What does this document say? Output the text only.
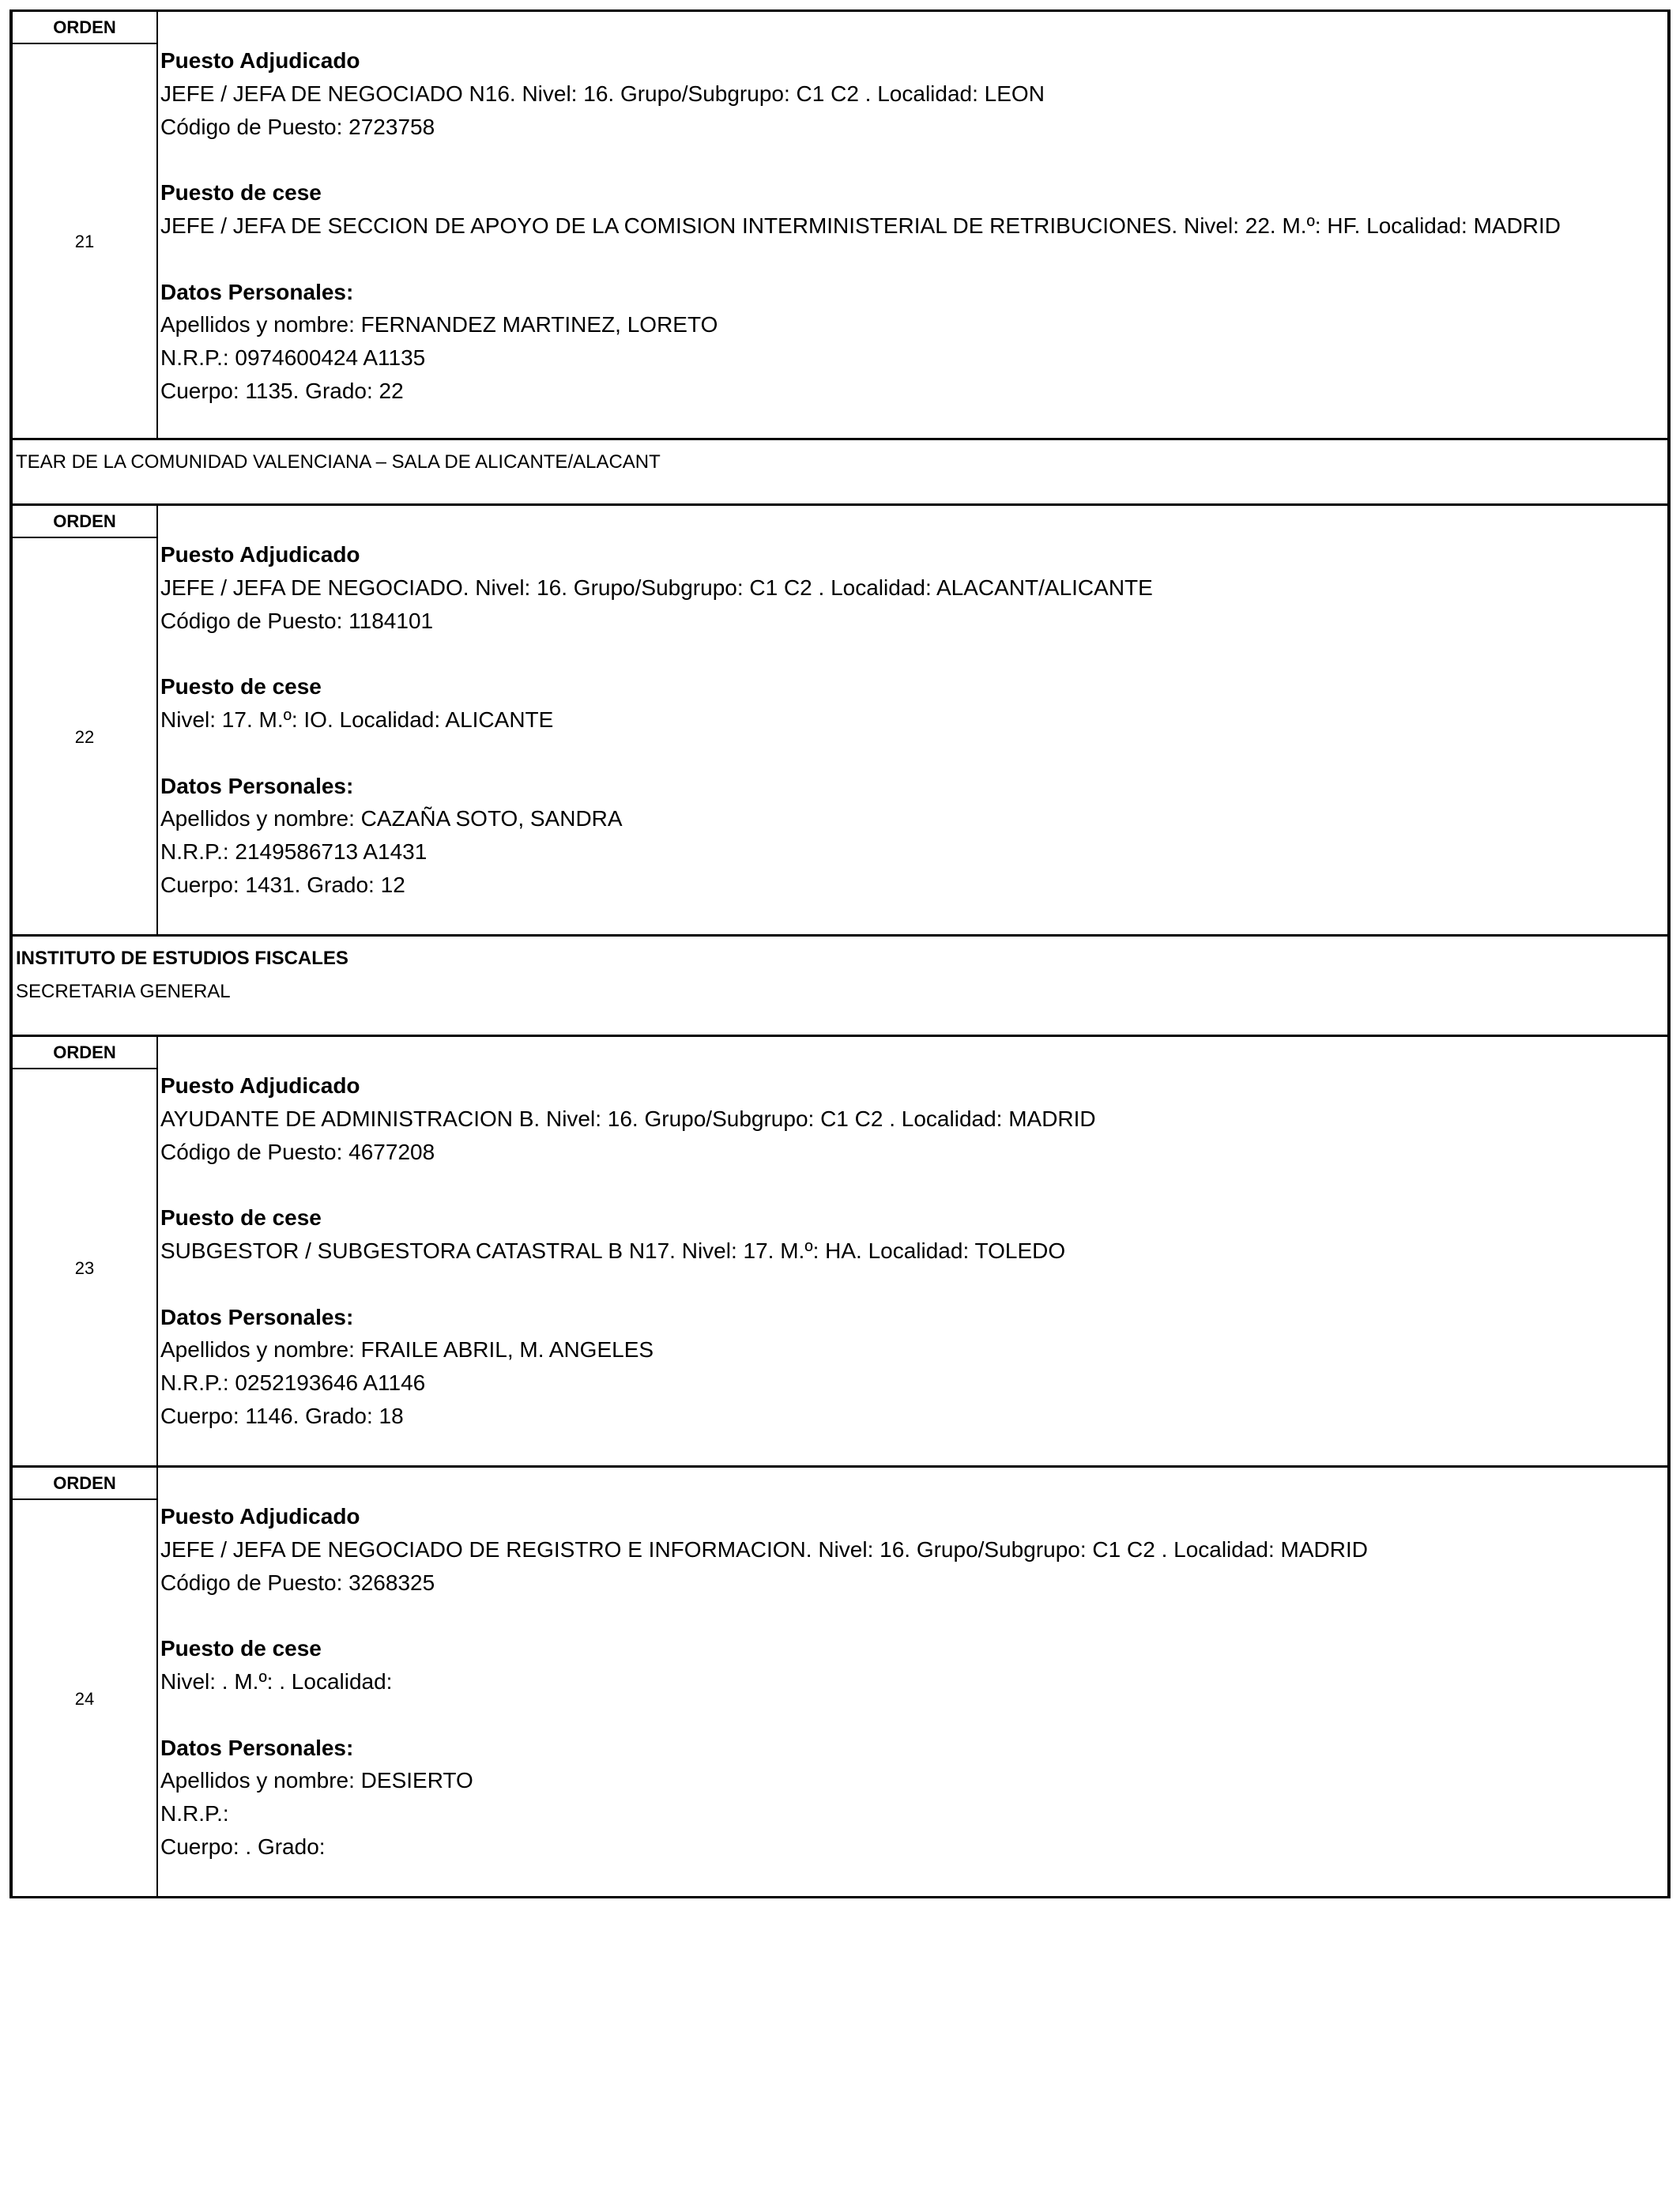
ORDEN
21
Puesto Adjudicado
JEFE / JEFA DE NEGOCIADO N16. Nivel: 16. Grupo/Subgrupo: C1 C2 . Localidad: LEON
Código de Puesto: 2723758
Puesto de cese
JEFE / JEFA DE SECCION DE APOYO DE LA COMISION INTERMINISTERIAL DE RETRIBUCIONES. Nivel: 22. M.º: HF. Localidad: MADRID
Datos Personales:
Apellidos y nombre: FERNANDEZ MARTINEZ, LORETO
N.R.P.: 0974600424 A1135
Cuerpo: 1135. Grado: 22
TEAR DE LA COMUNIDAD VALENCIANA – SALA DE ALICANTE/ALACANT
ORDEN
22
Puesto Adjudicado
JEFE / JEFA DE NEGOCIADO. Nivel: 16. Grupo/Subgrupo: C1 C2 . Localidad: ALACANT/ALICANTE
Código de Puesto: 1184101
Puesto de cese
Nivel: 17. M.º: IO. Localidad: ALICANTE
Datos Personales:
Apellidos y nombre: CAZAÑA SOTO, SANDRA
N.R.P.: 2149586713 A1431
Cuerpo: 1431. Grado: 12
INSTITUTO DE ESTUDIOS FISCALES
SECRETARIA GENERAL
ORDEN
23
Puesto Adjudicado
AYUDANTE DE ADMINISTRACION B. Nivel: 16. Grupo/Subgrupo: C1 C2 . Localidad: MADRID
Código de Puesto: 4677208
Puesto de cese
SUBGESTOR / SUBGESTORA CATASTRAL B N17. Nivel: 17. M.º: HA. Localidad: TOLEDO
Datos Personales:
Apellidos y nombre: FRAILE ABRIL, M. ANGELES
N.R.P.: 0252193646 A1146
Cuerpo: 1146. Grado: 18
ORDEN
24
Puesto Adjudicado
JEFE / JEFA DE NEGOCIADO DE REGISTRO E INFORMACION. Nivel: 16. Grupo/Subgrupo: C1 C2 . Localidad: MADRID
Código de Puesto: 3268325
Puesto de cese
Nivel: . M.º: . Localidad:
Datos Personales:
Apellidos y nombre: DESIERTO
N.R.P.:
Cuerpo: . Grado:
